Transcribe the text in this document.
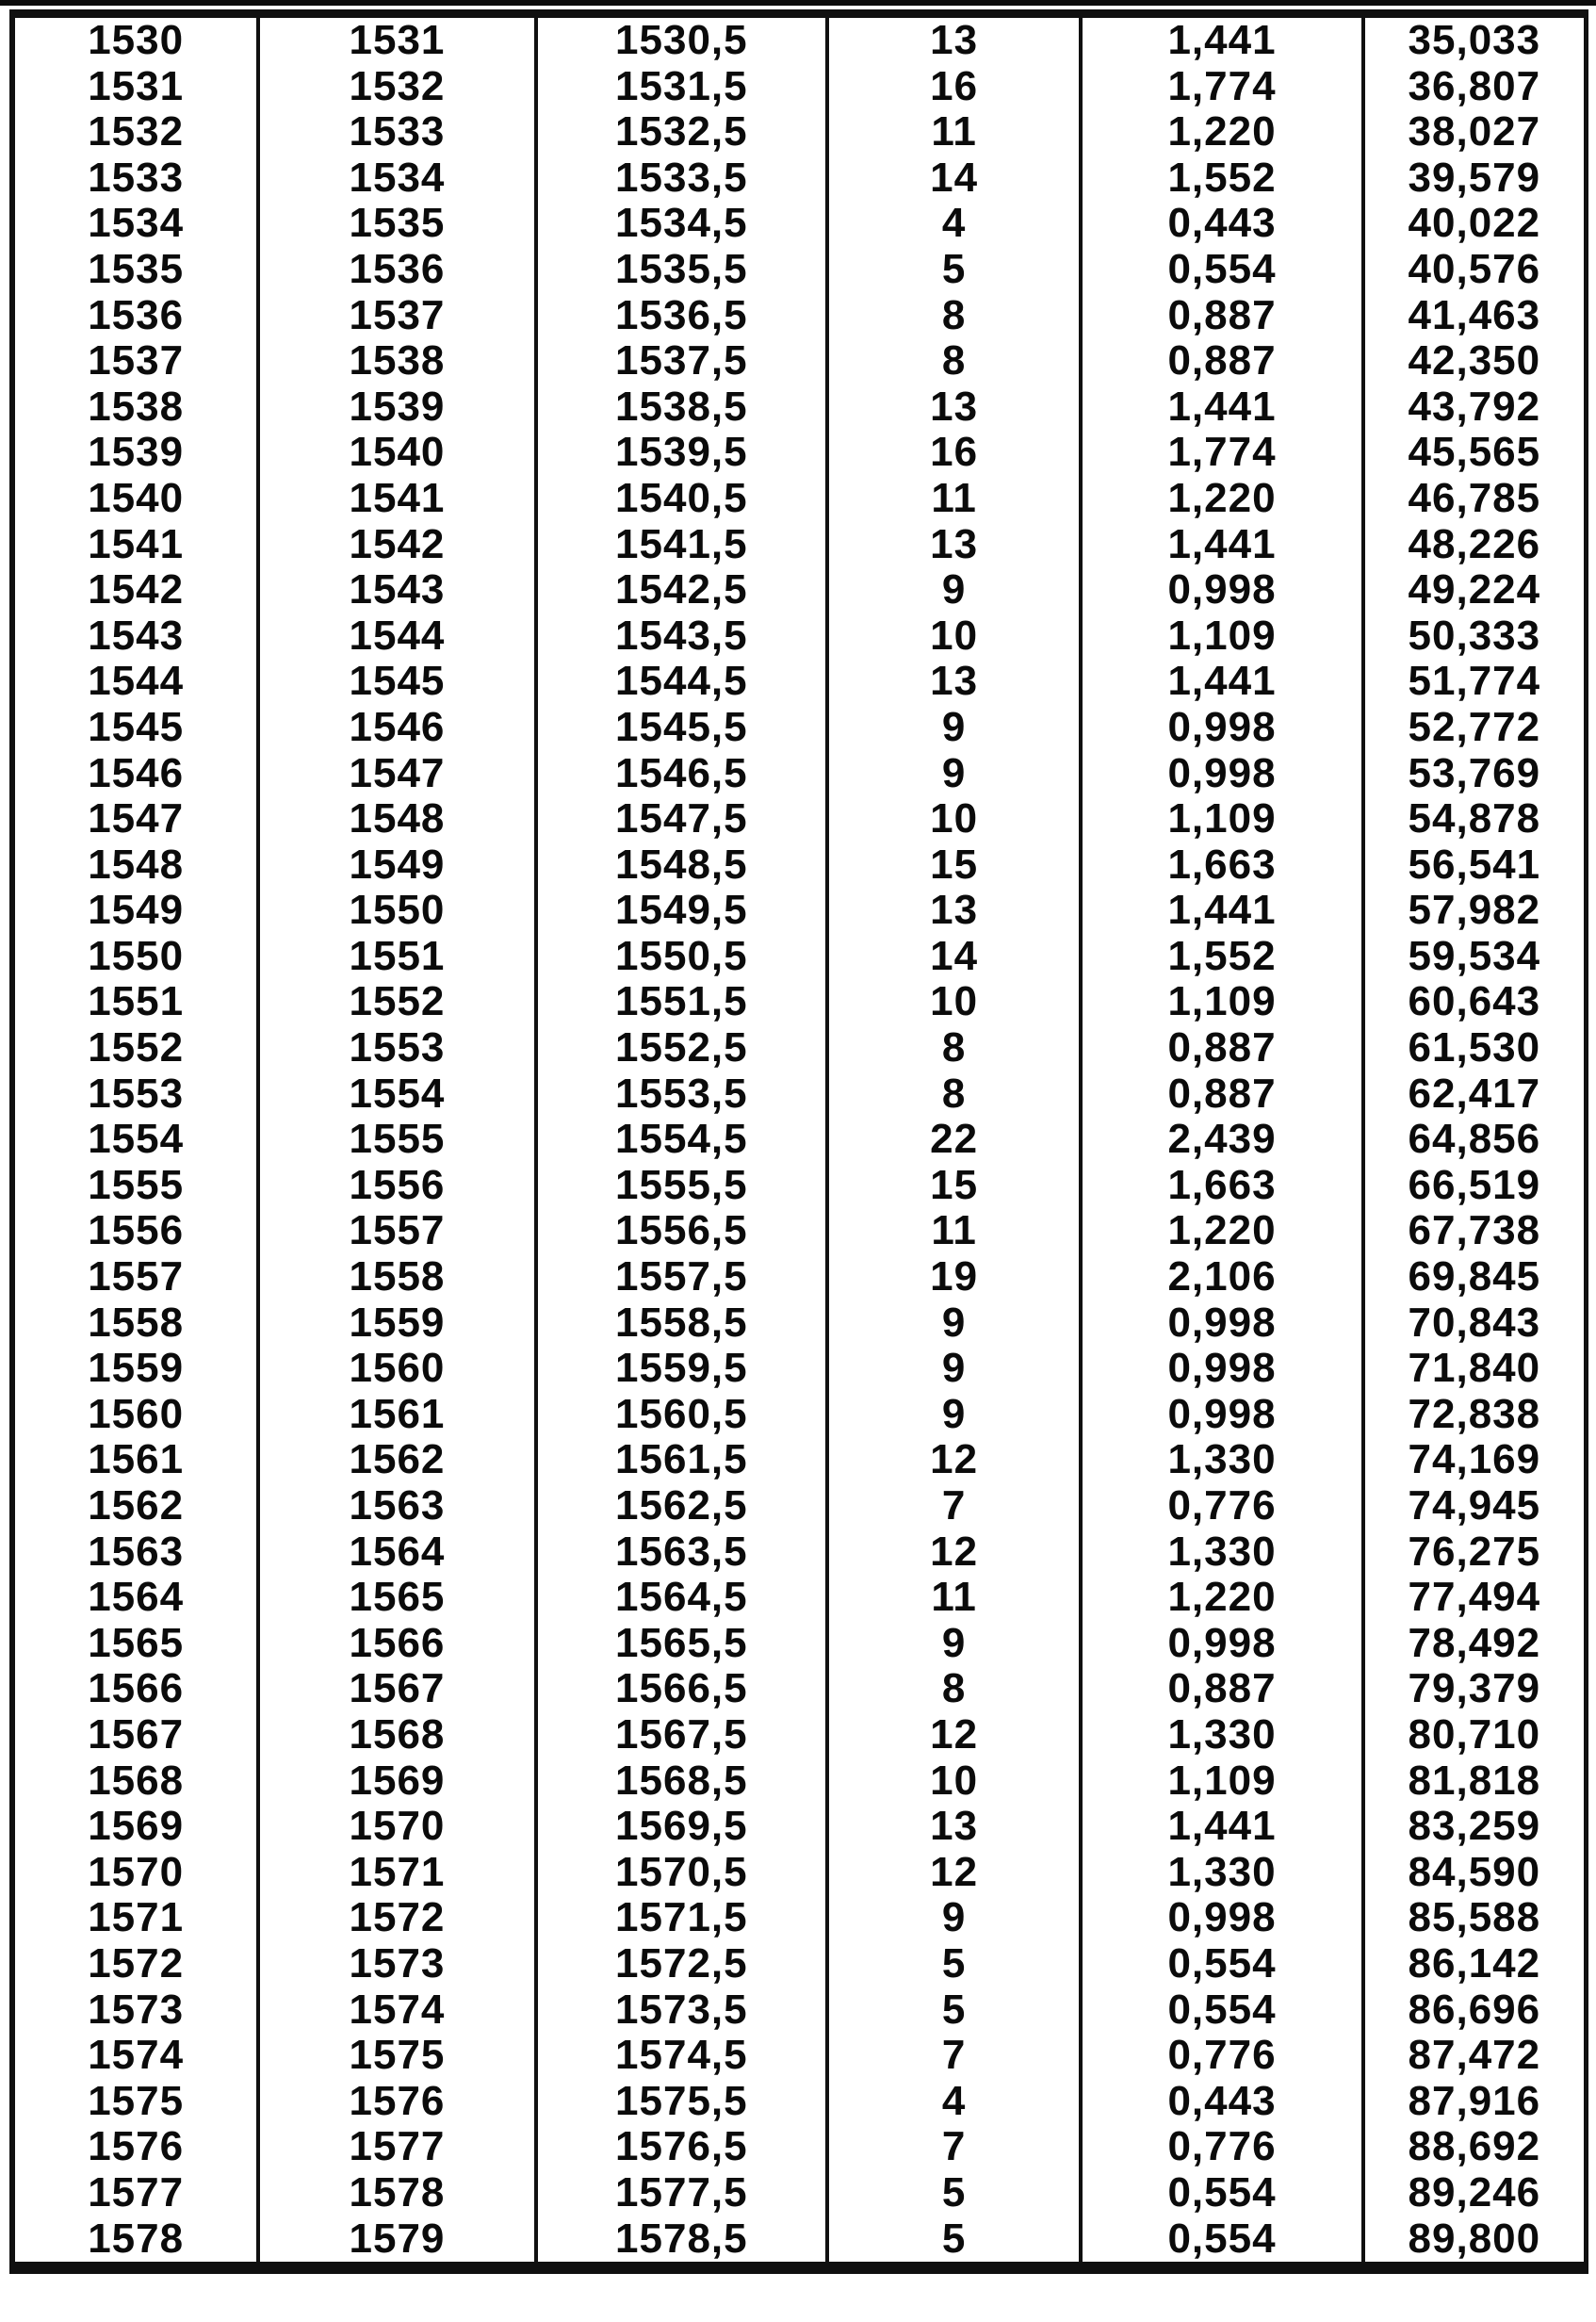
1530	1531	1530,5	13	1,441	35,033
1531	1532	1531,5	16	1,774	36,807
1532	1533	1532,5	11	1,220	38,027
1533	1534	1533,5	14	1,552	39,579
1534	1535	1534,5	4	0,443	40,022
1535	1536	1535,5	5	0,554	40,576
1536	1537	1536,5	8	0,887	41,463
1537	1538	1537,5	8	0,887	42,350
1538	1539	1538,5	13	1,441	43,792
1539	1540	1539,5	16	1,774	45,565
1540	1541	1540,5	11	1,220	46,785
1541	1542	1541,5	13	1,441	48,226
1542	1543	1542,5	9	0,998	49,224
1543	1544	1543,5	10	1,109	50,333
1544	1545	1544,5	13	1,441	51,774
1545	1546	1545,5	9	0,998	52,772
1546	1547	1546,5	9	0,998	53,769
1547	1548	1547,5	10	1,109	54,878
1548	1549	1548,5	15	1,663	56,541
1549	1550	1549,5	13	1,441	57,982
1550	1551	1550,5	14	1,552	59,534
1551	1552	1551,5	10	1,109	60,643
1552	1553	1552,5	8	0,887	61,530
1553	1554	1553,5	8	0,887	62,417
1554	1555	1554,5	22	2,439	64,856
1555	1556	1555,5	15	1,663	66,519
1556	1557	1556,5	11	1,220	67,738
1557	1558	1557,5	19	2,106	69,845
1558	1559	1558,5	9	0,998	70,843
1559	1560	1559,5	9	0,998	71,840
1560	1561	1560,5	9	0,998	72,838
1561	1562	1561,5	12	1,330	74,169
1562	1563	1562,5	7	0,776	74,945
1563	1564	1563,5	12	1,330	76,275
1564	1565	1564,5	11	1,220	77,494
1565	1566	1565,5	9	0,998	78,492
1566	1567	1566,5	8	0,887	79,379
1567	1568	1567,5	12	1,330	80,710
1568	1569	1568,5	10	1,109	81,818
1569	1570	1569,5	13	1,441	83,259
1570	1571	1570,5	12	1,330	84,590
1571	1572	1571,5	9	0,998	85,588
1572	1573	1572,5	5	0,554	86,142
1573	1574	1573,5	5	0,554	86,696
1574	1575	1574,5	7	0,776	87,472
1575	1576	1575,5	4	0,443	87,916
1576	1577	1576,5	7	0,776	88,692
1577	1578	1577,5	5	0,554	89,246
1578	1579	1578,5	5	0,554	89,800
